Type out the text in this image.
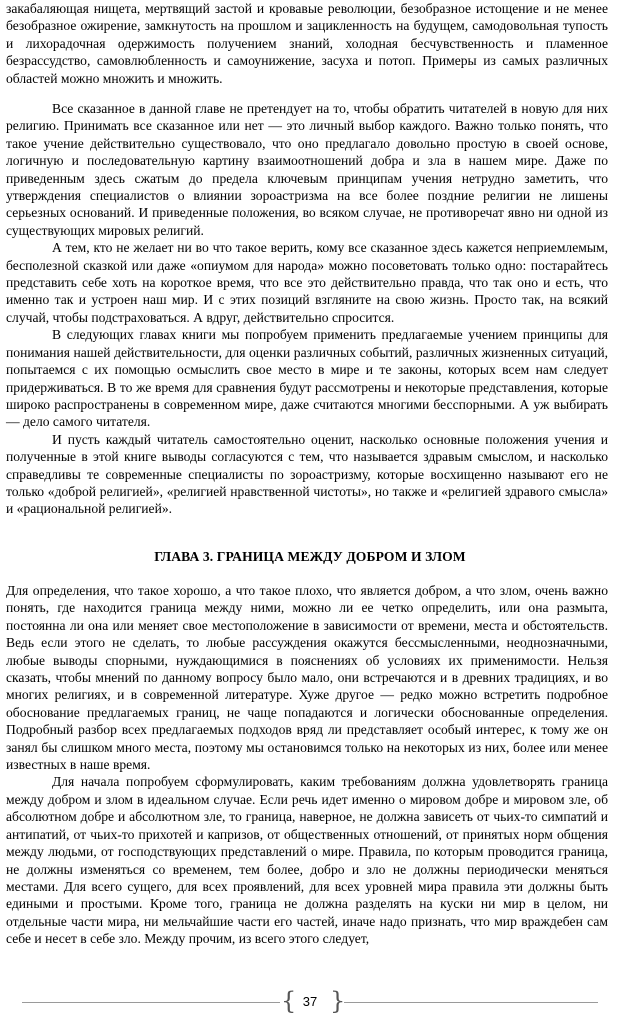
закабаляющая нищета, мертвящий застой и кровавые революции, безобразное истощение и не менее безобразное ожирение, замкнутость на прошлом и зацикленность на будущем, самодовольная тупость и лихорадочная одержимость получением знаний, холодная бесчувственность и пламенное безрассудство, самовлюбленность и самоунижение, засуха и потоп. Примеры из самых различных областей можно множить и множить.

Все сказанное в данной главе не претендует на то, чтобы обратить читателей в новую для них религию. Принимать все сказанное или нет — это личный выбор каждого. Важно только понять, что такое учение действительно существовало, что оно предлагало довольно простую в своей основе, логичную и последовательную картину взаимоотношений добра и зла в нашем мире. Даже по приведенным здесь сжатым до предела ключевым принципам учения нетрудно заметить, что утверждения специалистов о влиянии зороастризма на все более поздние религии не лишены серьезных оснований. И приведенные положения, во всяком случае, не противоречат явно ни одной из существующих мировых религий.

А тем, кто не желает ни во что такое верить, кому все сказанное здесь кажется неприемлемым, бесполезной сказкой или даже «опиумом для народа» можно посоветовать только одно: постарайтесь представить себе хоть на короткое время, что все это действительно правда, что так оно и есть, что именно так и устроен наш мир. И с этих позиций взгляните на свою жизнь. Просто так, на всякий случай, чтобы подстраховаться. А вдруг, действительно спросится.

В следующих главах книги мы попробуем применить предлагаемые учением принципы для понимания нашей действительности, для оценки различных событий, различных жизненных ситуаций, попытаемся с их помощью осмыслить свое место в мире и те законы, которых всем нам следует придерживаться. В то же время для сравнения будут рассмотрены и некоторые представления, которые широко распространены в современном мире, даже считаются многими бесспорными. А уж выбирать — дело самого читателя.

И пусть каждый читатель самостоятельно оценит, насколько основные положения учения и полученные в этой книге выводы согласуются с тем, что называется здравым смыслом, и насколько справедливы те современные специалисты по зороастризму, которые восхищенно называют его не только «доброй религией», «религией нравственной чистоты», но также и «религией здравого смысла» и «рациональной религией».

ГЛАВА 3. ГРАНИЦА МЕЖДУ ДОБРОМ И ЗЛОМ

Для определения, что такое хорошо, а что такое плохо, что является добром, а что злом, очень важно понять, где находится граница между ними, можно ли ее четко определить, или она размыта, постоянна ли она или меняет свое местоположение в зависимости от времени, места и обстоятельств. Ведь если этого не сделать, то любые рассуждения окажутся бессмысленными, неоднозначными, любые выводы спорными, нуждающимися в пояснениях об условиях их применимости. Нельзя сказать, чтобы мнений по данному вопросу было мало, они встречаются и в древних традициях, и во многих религиях, и в современной литературе. Хуже другое — редко можно встретить подробное обоснование предлагаемых границ, не чаще попадаются и логически обоснованные определения. Подробный разбор всех предлагаемых подходов вряд ли представляет особый интерес, к тому же он занял бы слишком много места, поэтому мы остановимся только на некоторых из них, более или менее известных в наше время.

Для начала попробуем сформулировать, каким требованиям должна удовлетворять граница между добром и злом в идеальном случае. Если речь идет именно о мировом добре и мировом зле, об абсолютном добре и абсолютном зле, то граница, наверное, не должна зависеть от чьих-то симпатий и антипатий, от чьих-то прихотей и капризов, от общественных отношений, от принятых норм общения между людьми, от господствующих представлений о мире. Правила, по которым проводится граница, не должны изменяться со временем, тем более, добро и зло не должны периодически меняться местами. Для всего сущего, для всех проявлений, для всех уровней мира правила эти должны быть едиными и простыми. Кроме того, граница не должна разделять на куски ни мир в целом, ни отдельные части мира, ни мельчайшие части его частей, иначе надо признать, что мир враждебен сам себе и несет в себе зло. Между прочим, из всего этого следует,

{ 37 }
